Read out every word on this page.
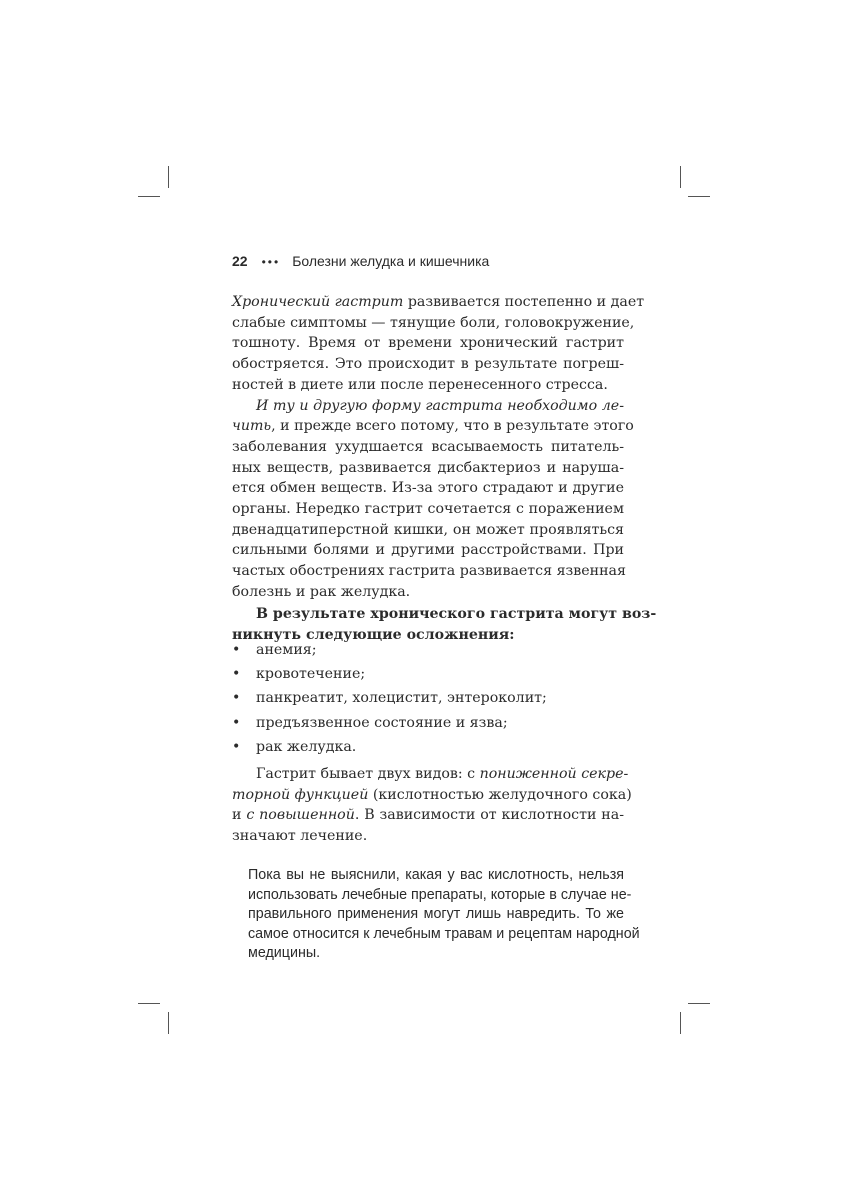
22 ••• Болезни желудка и кишечника
Хронический гастрит развивается постепенно и дает
слабые симптомы — тянущие боли, головокружение,
тошноту. Время от времени хронический гастрит
обостряется. Это происходит в результате погреш-
ностей в диете или после перенесенного стресса.
И ту и другую форму гастрита необходимо ле-
чить, и прежде всего потому, что в результате этого
заболевания ухудшается всасываемость питатель-
ных веществ, развивается дисбактериоз и наруша-
ется обмен веществ. Из-за этого страдают и другие
органы. Нередко гастрит сочетается с поражением
двенадцатиперстной кишки, он может проявляться
сильными болями и другими расстройствами. При
частых обострениях гастрита развивается язвенная
болезнь и рак желудка.
В результате хронического гастрита могут воз-
никнуть следующие осложнения:
• анемия;
• кровотечение;
• панкреатит, холецистит, энтероколит;
• предъязвенное состояние и язва;
• рак желудка.
Гастрит бывает двух видов: с пониженной секре-
торной функцией (кислотностью желудочного сока)
и с повышенной. В зависимости от кислотности на-
значают лечение.
Пока вы не выяснили, какая у вас кислотность, нельзя
использовать лечебные препараты, которые в случае не-
правильного применения могут лишь навредить. То же
самое относится к лечебным травам и рецептам народной
медицины.
